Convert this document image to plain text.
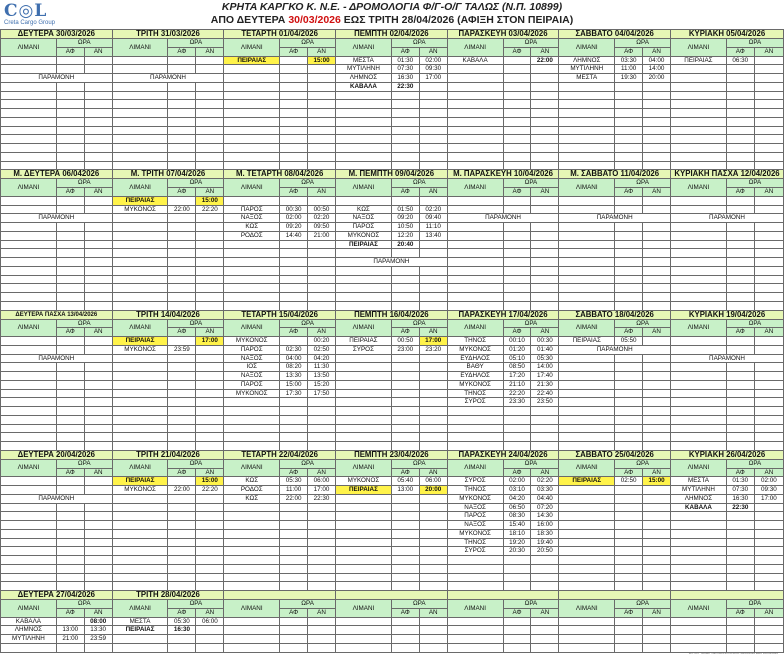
C◎L
Creta Cargo Group
ΚΡΗΤΑ ΚΑΡΓΚΟ Κ. Ν.Ε. - ΔΡΟΜΟΛΟΓΙΑ Φ/Γ-Ο/Γ ΤΑΛΩΣ (Ν.Π. 10899)
ΑΠΟ ΔΕΥΤΕΡΑ 30/03/2026 ΕΩΣ ΤΡΙΤΗ 28/04/2026 (ΑΦΙΞΗ ΣΤΟΝ ΠΕΙΡΑΙΑ)
ΔΕΥΤΕΡΑ 30/03/2026			ΤΡΙΤΗ 31/03/2026			ΤΕΤΑΡΤΗ 01/04/2026			ΠΕΜΠΤΗ 02/04/2026			ΠΑΡΑΣΚΕΥΗ 03/04/2026			ΣΑΒΒΑΤΟ 04/04/2026			ΚΥΡΙΑΚΗ 05/04/2026		
ΛΙΜΑΝΙ	ΩΡΑ		ΛΙΜΑΝΙ	ΩΡΑ		ΛΙΜΑΝΙ	ΩΡΑ		ΛΙΜΑΝΙ	ΩΡΑ		ΛΙΜΑΝΙ	ΩΡΑ		ΛΙΜΑΝΙ	ΩΡΑ		ΛΙΜΑΝΙ	ΩΡΑ	
	ΑΦ	ΑΝ		ΑΦ	ΑΝ		ΑΦ	ΑΝ		ΑΦ	ΑΝ		ΑΦ	ΑΝ		ΑΦ	ΑΝ		ΑΦ	ΑΝ
						ΠΕΙΡΑΙΑΣ		15:00	ΜΕΣΤΑ	01:30	02:00	ΚΑΒΑΛΑ		22:00	ΛΗΜΝΟΣ	03:30	04:00	ΠΕΙΡΑΙΑΣ	06:30	
									ΜΥΤΙΛΗΝΗ	07:30	09:30				ΜΥΤΙΛΗΝΗ	11:00	14:00			
ΠΑΡΑΜΟΝΗ			ΠΑΡΑΜΟΝΗ						ΛΗΜΝΟΣ	16:30	17:00				ΜΕΣΤΑ	19:30	20:00			
									ΚΑΒΑΛΑ	22:30										

Μ. ΔΕΥΤΕΡΑ 06/042026			Μ. ΤΡΙΤΗ 07/04/2026			Μ. ΤΕΤΑΡΤΗ 08/04/2026			Μ. ΠΕΜΠΤΗ 09/04/2026			Μ. ΠΑΡΑΣΚΕΥΗ 10/04/2026			Μ. ΣΑΒΒΑΤΟ 11/04/2026			ΚΥΡΙΑΚΗ ΠΑΣΧΑ 12/04/2026		
ΛΙΜΑΝΙ	ΩΡΑ		ΛΙΜΑΝΙ	ΩΡΑ		ΛΙΜΑΝΙ	ΩΡΑ		ΛΙΜΑΝΙ	ΩΡΑ		ΛΙΜΑΝΙ	ΩΡΑ		ΛΙΜΑΝΙ	ΩΡΑ		ΛΙΜΑΝΙ	ΩΡΑ	
	ΑΦ	ΑΝ		ΑΦ	ΑΝ		ΑΦ	ΑΝ		ΑΦ	ΑΝ		ΑΦ	ΑΝ		ΑΦ	ΑΝ		ΑΦ	ΑΝ
			ΠΕΙΡΑΙΑΣ		15:00															
			ΜΥΚΟΝΟΣ	22:00	22:20	ΠΑΡΟΣ	00:30	00:50	ΚΩΣ	01:50	02:20									
ΠΑΡΑΜΟΝΗ						ΝΑΞΟΣ	02:00	02:20	ΝΑΞΟΣ	09:20	09:40	ΠΑΡΑΜΟΝΗ			ΠΑΡΑΜΟΝΗ			ΠΑΡΑΜΟΝΗ		
						ΚΩΣ	09:20	09:50	ΠΑΡΟΣ	10:50	11:10									
						ΡΟΔΟΣ	14:40	21:00	ΜΥΚΟΝΟΣ	12:20	13:40									
									ΠΕΙΡΑΙΑΣ	20:40										

									ΠΑΡΑΜΟΝΗ											

ΔΕΥΤΕΡΑ ΠΑΣΧΑ 13/04/2026			ΤΡΙΤΗ 14/04/2026			ΤΕΤΑΡΤΗ 15/04/2026			ΠΕΜΠΤΗ 16/04/2026			ΠΑΡΑΣΚΕΥΗ 17/04/2026			ΣΑΒΒΑΤΟ 18/04/2026			ΚΥΡΙΑΚΗ 19/04/2026		
ΛΙΜΑΝΙ	ΩΡΑ		ΛΙΜΑΝΙ	ΩΡΑ		ΛΙΜΑΝΙ	ΩΡΑ		ΛΙΜΑΝΙ	ΩΡΑ		ΛΙΜΑΝΙ	ΩΡΑ		ΛΙΜΑΝΙ	ΩΡΑ		ΛΙΜΑΝΙ	ΩΡΑ	
	ΑΦ	ΑΝ		ΑΦ	ΑΝ		ΑΦ	ΑΝ		ΑΦ	ΑΝ		ΑΦ	ΑΝ		ΑΦ	ΑΝ		ΑΦ	ΑΝ
			ΠΕΙΡΑΙΑΣ		17:00	ΜΥΚΟΝΟΣ		00:20	ΠΕΙΡΑΙΑΣ	00:50	17:00	ΤΗΝΟΣ	00:10	00:30	ΠΕΙΡΑΙΑΣ	05:50				
			ΜΥΚΟΝΟΣ	23:59		ΠΑΡΟΣ	02:30	02:50	ΣΥΡΟΣ	23:00	23:20	ΜΥΚΟΝΟΣ	01:20	01:40	ΠΑΡΑΜΟΝΗ					
ΠΑΡΑΜΟΝΗ						ΝΑΞΟΣ	04:00	04:20				ΕΥΔΗΛΟΣ	05:10	05:30				ΠΑΡΑΜΟΝΗ		
						ΙΟΣ	08:20	11:30				ΒΑΘΥ	08:50	14:00						
						ΝΑΞΟΣ	13:30	13:50				ΕΥΔΗΛΟΣ	17:20	17:40						
						ΠΑΡΟΣ	15:00	15:20				ΜΥΚΟΝΟΣ	21:10	21:30						
						ΜΥΚΟΝΟΣ	17:30	17:50				ΤΗΝΟΣ	22:20	22:40						
												ΣΥΡΟΣ	23:30	23:50						

ΔΕΥΤΕΡΑ 20/04/2026			ΤΡΙΤΗ 21/04/2026			ΤΕΤΑΡΤΗ 22/04/2026			ΠΕΜΠΤΗ 23/04/2026			ΠΑΡΑΣΚΕΥΗ 24/04/2026			ΣΑΒΒΑΤΟ 25/04/2026			ΚΥΡΙΑΚΗ 26/04/2026		
ΛΙΜΑΝΙ	ΩΡΑ		ΛΙΜΑΝΙ	ΩΡΑ		ΛΙΜΑΝΙ	ΩΡΑ		ΛΙΜΑΝΙ	ΩΡΑ		ΛΙΜΑΝΙ	ΩΡΑ		ΛΙΜΑΝΙ	ΩΡΑ		ΛΙΜΑΝΙ	ΩΡΑ	
	ΑΦ	ΑΝ		ΑΦ	ΑΝ		ΑΦ	ΑΝ		ΑΦ	ΑΝ		ΑΦ	ΑΝ		ΑΦ	ΑΝ		ΑΦ	ΑΝ
			ΠΕΙΡΑΙΑΣ		15:00	ΚΩΣ	05:30	06:00	ΜΥΚΟΝΟΣ	05:40	06:00	ΣΥΡΟΣ	02:00	02:20	ΠΕΙΡΑΙΑΣ	02:50	15:00	ΜΕΣΤΑ	01:30	02:00
			ΜΥΚΟΝΟΣ	22:00	22:20	ΡΟΔΟΣ	11:00	17:00	ΠΕΙΡΑΙΑΣ	13:00	20:00	ΤΗΝΟΣ	03:10	03:30				ΜΥΤΙΛΗΝΗ	07:30	09:30
ΠΑΡΑΜΟΝΗ						ΚΩΣ	22:00	22:30				ΜΥΚΟΝΟΣ	04:20	04:40				ΛΗΜΝΟΣ	16:30	17:00
												ΝΑΞΟΣ	06:50	07:20				ΚΑΒΑΛΑ	22:30	
												ΠΑΡΟΣ	08:30	14:30						
												ΝΑΞΟΣ	15:40	16:00						
												ΜΥΚΟΝΟΣ	18:10	18:30						
												ΤΗΝΟΣ	19:20	19:40						
												ΣΥΡΟΣ	20:30	20:50						

ΔΕΥΤΕΡΑ 27/04/2026			ΤΡΙΤΗ 28/04/2026																	
ΛΙΜΑΝΙ	ΩΡΑ		ΛΙΜΑΝΙ	ΩΡΑ		ΛΙΜΑΝΙ	ΩΡΑ		ΛΙΜΑΝΙ	ΩΡΑ		ΛΙΜΑΝΙ	ΩΡΑ		ΛΙΜΑΝΙ	ΩΡΑ		ΛΙΜΑΝΙ	ΩΡΑ	
	ΑΦ	ΑΝ		ΑΦ	ΑΝ		ΑΦ	ΑΝ		ΑΦ	ΑΝ		ΑΦ	ΑΝ		ΑΦ	ΑΝ		ΑΦ	ΑΝ
ΚΑΒΑΛΑ		08:00	ΜΕΣΤΑ	05:30	06:00															
ΛΗΜΝΟΣ	13:00	13:30	ΠΕΙΡΑΙΑΣ	16:30																
ΜΥΤΙΛΗΝΗ	21:00	23:59																		

Φ/Γ-Ο/Γ ΤΑΛΩΣ - ΔΡΟΜΟΛΟΓΙΑ ΑΠΟ 30/03/2026 ΕΩΣ 28/04/2026
